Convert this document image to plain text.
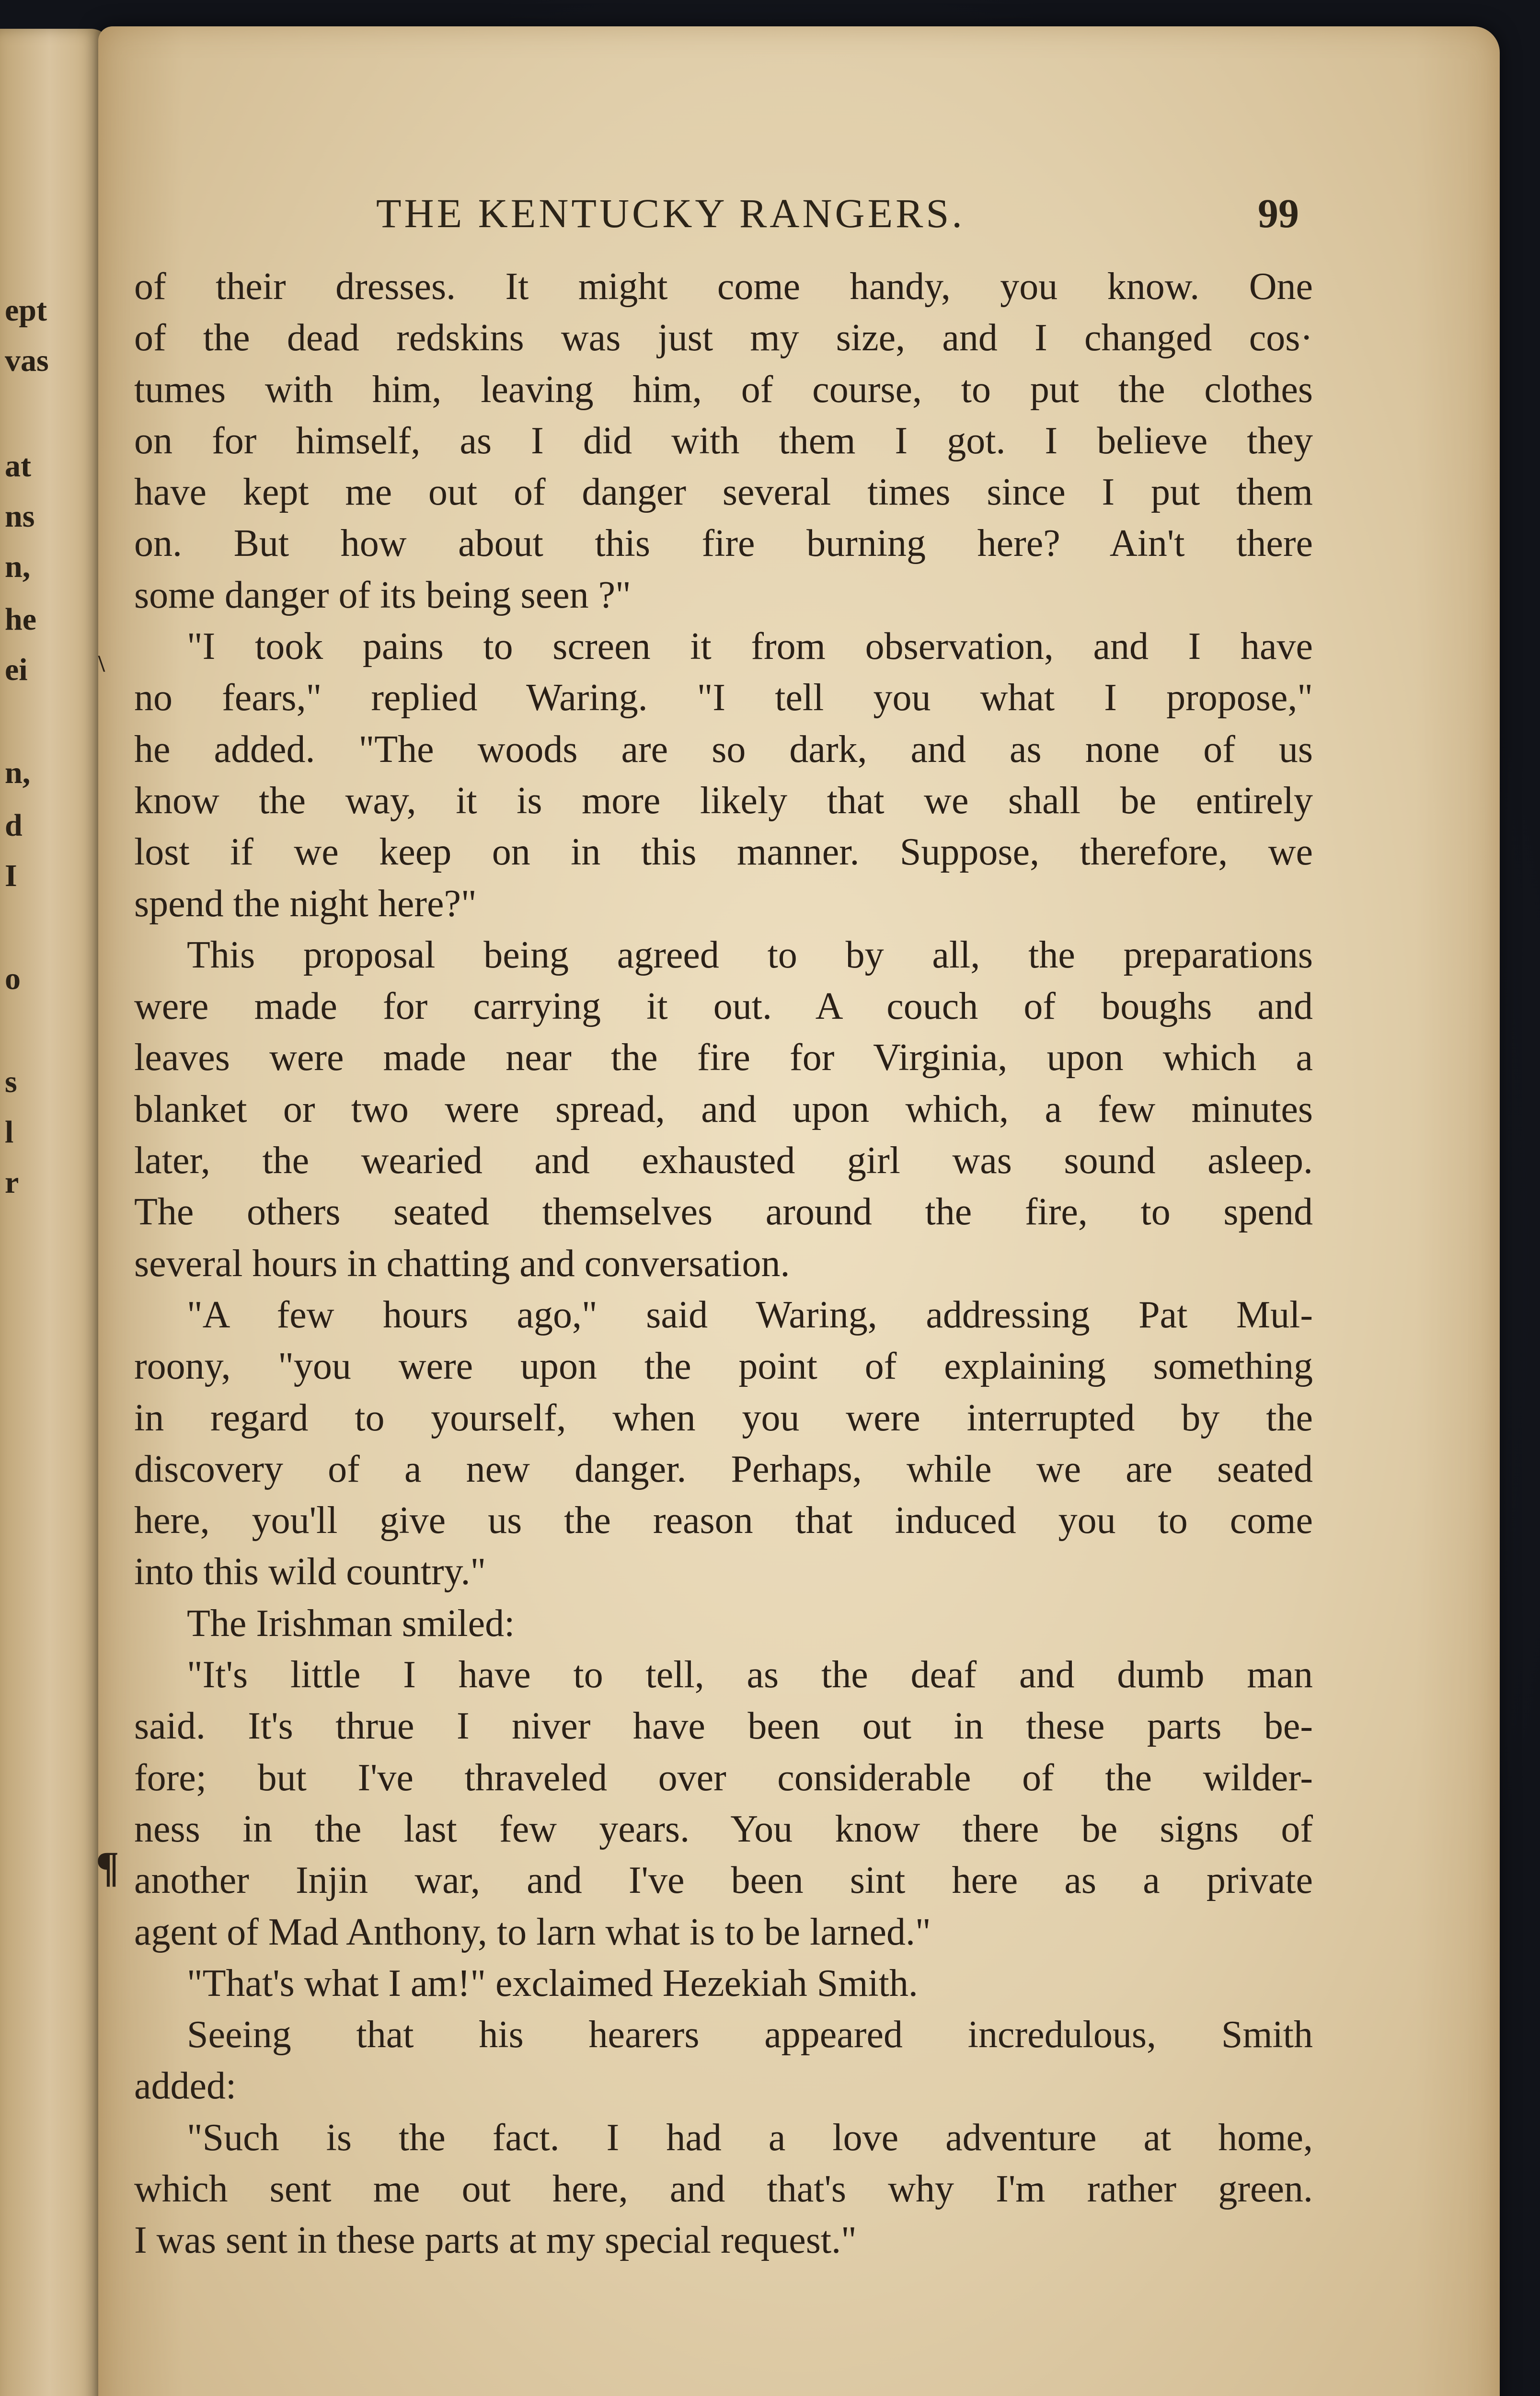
ept
vas
at
ns
n,
he
ei
n,
d
I
o
s
l
r
THE KENTUCKY RANGERS.	99
\
¶
of their dresses. It might come handy, you know. One
of the dead redskins was just my size, and I changed cos·
tumes with him, leaving him, of course, to put the clothes
on for himself, as I did with them I got. I believe they
have kept me out of danger several times since I put them
on. But how about this fire burning here? Ain't there
some danger of its being seen ?"
"I took pains to screen it from observation, and I have
no fears," replied Waring. "I tell you what I propose,"
he added. "The woods are so dark, and as none of us
know the way, it is more likely that we shall be entirely
lost if we keep on in this manner. Suppose, therefore, we
spend the night here?"
This proposal being agreed to by all, the preparations
were made for carrying it out. A couch of boughs and
leaves were made near the fire for Virginia, upon which a
blanket or two were spread, and upon which, a few minutes
later, the wearied and exhausted girl was sound asleep.
The others seated themselves around the fire, to spend
several hours in chatting and conversation.
"A few hours ago," said Waring, addressing Pat Mul-
roony, "you were upon the point of explaining something
in regard to yourself, when you were interrupted by the
discovery of a new danger. Perhaps, while we are seated
here, you'll give us the reason that induced you to come
into this wild country."
The Irishman smiled:
"It's little I have to tell, as the deaf and dumb man
said. It's thrue I niver have been out in these parts be-
fore; but I've thraveled over considerable of the wilder-
ness in the last few years. You know there be signs of
another Injin war, and I've been sint here as a private
agent of Mad Anthony, to larn what is to be larned."
"That's what I am!" exclaimed Hezekiah Smith.
Seeing that his hearers appeared incredulous, Smith
added:
"Such is the fact. I had a love adventure at home,
which sent me out here, and that's why I'm rather green.
I was sent in these parts at my special request."
